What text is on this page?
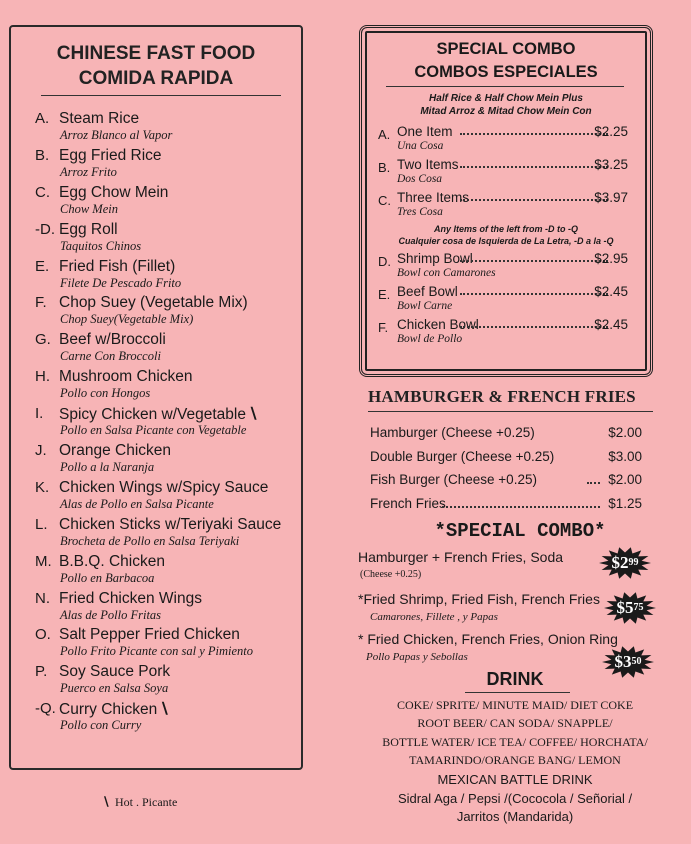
CHINESE FAST FOOD
COMIDA RAPIDA
A. Steam Rice
Arroz Blanco al Vapor
B. Egg Fried Rice
Arroz Frito
C. Egg Chow Mein
Chow Mein
-D. Egg Roll
Taquitos Chinos
E. Fried Fish (Fillet)
Filete De Pescado Frito
F. Chop Suey (Vegetable Mix)
Chop Suey(Vegetable Mix)
G. Beef w/Broccoli
Carne Con Broccoli
H. Mushroom Chicken
Pollo con Hongos
I.	Spicy Chicken w/Vegetable ∖
Pollo en Salsa Picante con Vegetable
J. Orange Chicken
Pollo a la Naranja
K. Chicken Wings w/Spicy Sauce
Alas de Pollo en Salsa Picante
L. Chicken Sticks w/Teriyaki Sauce
Brocheta de Pollo en Salsa Teriyaki
M. B.B.Q. Chicken
Pollo en Barbacoa
N. Fried Chicken Wings
Alas de Pollo Fritas
O. Salt Pepper Fried Chicken
Pollo Frito Picante con sal y Pimiento
P. Soy Sauce Pork
Puerco en Salsa Soya
-Q. Curry Chicken ∖
Pollo con Curry
∖ Hot . Picante
SPECIAL COMBO
COMBOS ESPECIALES
Half Rice & Half Chow Mein Plus
Mitad Arroz & Mitad Chow Mein Con
A. One Item	$2.25
Una Cosa
B. Two Items	$3.25
Dos Cosa
C. Three Items	$3.97
Tres Cosa
Any Items of the left from -D to -Q
Cualquier cosa de Isquierda de La Letra, -D a la -Q
D. Shrimp Bowl	$2.95
Bowl con Camarones
E. Beef Bowl	$2.45
Bowl Carne
F. Chicken Bowl	$2.45
Bowl de Pollo
HAMBURGER & FRENCH FRIES
Hamburger (Cheese +0.25)	$2.00
Double Burger (Cheese +0.25)	$3.00
Fish Burger (Cheese +0.25)	$2.00
French Fries	$1.25
*SPECIAL COMBO*
Hamburger + French Fries, Soda
(Cheese +0.25)
$ 2 99
*Fried Shrimp, Fried Fish, French Fries
Camarones, Fillete , y Papas	$ 5 75
* Fried Chicken, French Fries, Onion Ring
Pollo Papas y Sebollas	$ 3 50
DRINK
COKE/ SPRITE/ MINUTE MAID/ DIET COKE
ROOT BEER/ CAN SODA/ SNAPPLE/
BOTTLE WATER/ ICE TEA/ COFFEE/ HORCHATA/
TAMARINDO/ORANGE BANG/ LEMON
MEXICAN BATTLE DRINK
Sidral Aga / Pepsi /(Cococola / Señorial /
Jarritos (Mandarida)
